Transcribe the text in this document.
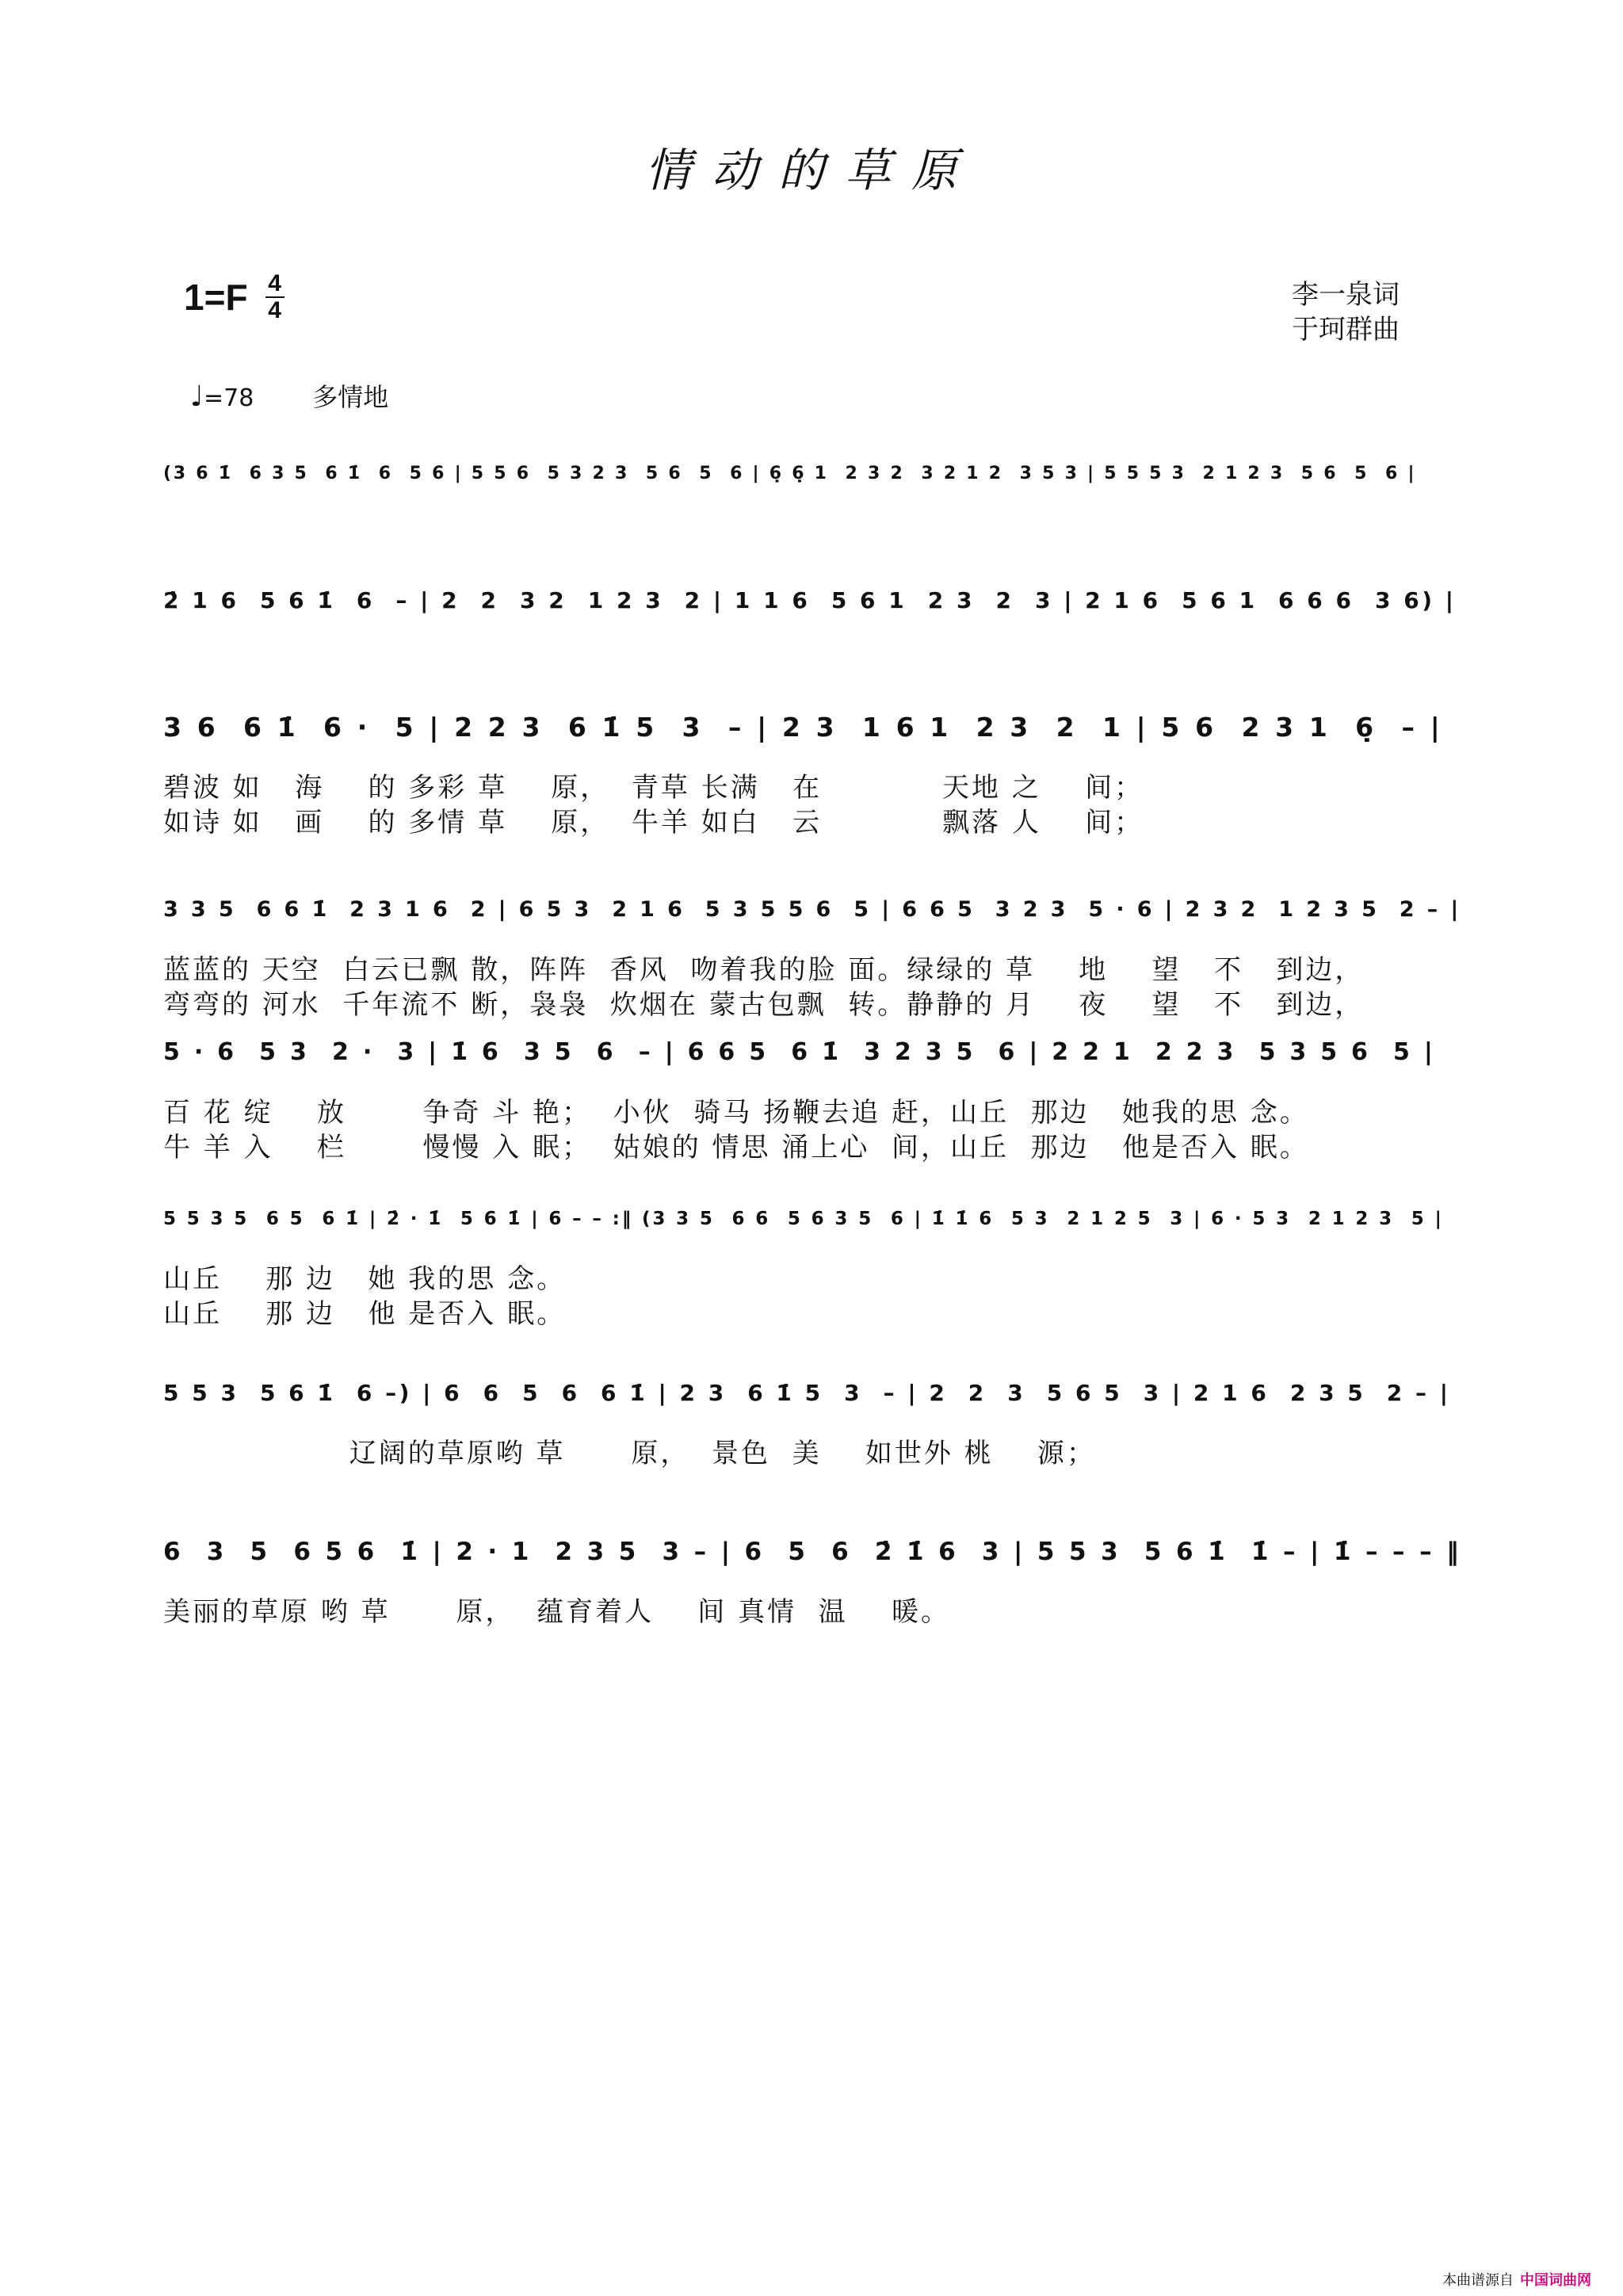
情动的草原
$1=F \frac{4}{4}$	李一泉词
于珂群曲
♩ =78 多情地
(3 6 1̇  6 3 5  6 1̇  6  5 6 | 5 5 6  5 3 2 3  5 6  5  6 | 6̣ 6̣ 1  2 3 2  3 2 1 2  3 5 3 | 5 5 5 3  2 1 2 3  5 6  5  6 |
2̇ 1 6  5 6 1̇  6  – | 2  2  3 2  1 2 3  2 | 1 1 6  5 6 1  2 3  2  3 | 2 1 6  5 6 1  6 6 6  3 6) |
3 6  6 1̇  6 ·  5 | 2 2 3  6 1̇ 5  3  – | 2 3  1 6 1  2 3  2  1 | 5 6  2 3 1  6̣  – |
碧波 如   海    的 多彩 草    原，  青草 长满   在           天地 之    间；
如诗 如   画    的 多情 草    原，  牛羊 如白   云           飘落 人    间；
3 3 5  6 6 1̇  2 3 1 6  2 | 6 5 3  2 1 6  5 3 5 5 6  5 | 6 6 5  3 2 3  5 · 6 | 2 3 2  1 2 3 5  2 – |
蓝蓝的 天空  白云已飘 散，阵阵  香风  吻着我的脸 面。绿绿的 草    地    望   不   到边，
弯弯的 河水  千年流不 断，袅袅  炊烟在 蒙古包飘  转。静静的 月    夜    望   不   到边，
5 · 6  5 3  2 ·  3 | 1̇ 6  3 5  6  – | 6 6 5  6 1̇  3 2 3 5  6 | 2 2 1  2 2 3  5 3 5 6  5 |
百 花 绽    放       争奇 斗 艳；  小伙  骑马 扬鞭去追 赶，山丘  那边   她我的思 念。
牛 羊 入    栏       慢慢 入 眠；  姑娘的 情思 涌上心  间，山丘  那边   他是否入 眠。
5 5 3 5  6 5  6 1̇ | 2̇ · 1̇  5 6 1̇ | 6 – – :‖ (3 3 5  6 6  5 6 3 5  6 | 1̇ 1̇ 6  5 3  2 1 2 5  3 | 6 · 5 3  2 1 2 3  5 |
山丘    那 边   她 我的思 念。
山丘    那 边   他 是否入 眠。
5 5 3  5 6 1̇  6 –) | 6  6  5  6  6 1̇ | 2 3  6 1̇ 5  3  – | 2  2  3  5 6 5  3 | 2 1 6  2 3 5  2 – |
辽阔的草原哟 草      原，  景色  美    如世外 桃    源；
6  3  5  6 5 6  1̇ | 2 · 1  2 3 5  3 – | 6  5  6  2̇ 1̇ 6  3 | 5 5 3  5 6 1̇  1̇ – | 1̇ – – – ‖
美丽的草原 哟 草      原，  蕴育着人    间 真情  温    暖。
本曲谱源自 中国词曲网
